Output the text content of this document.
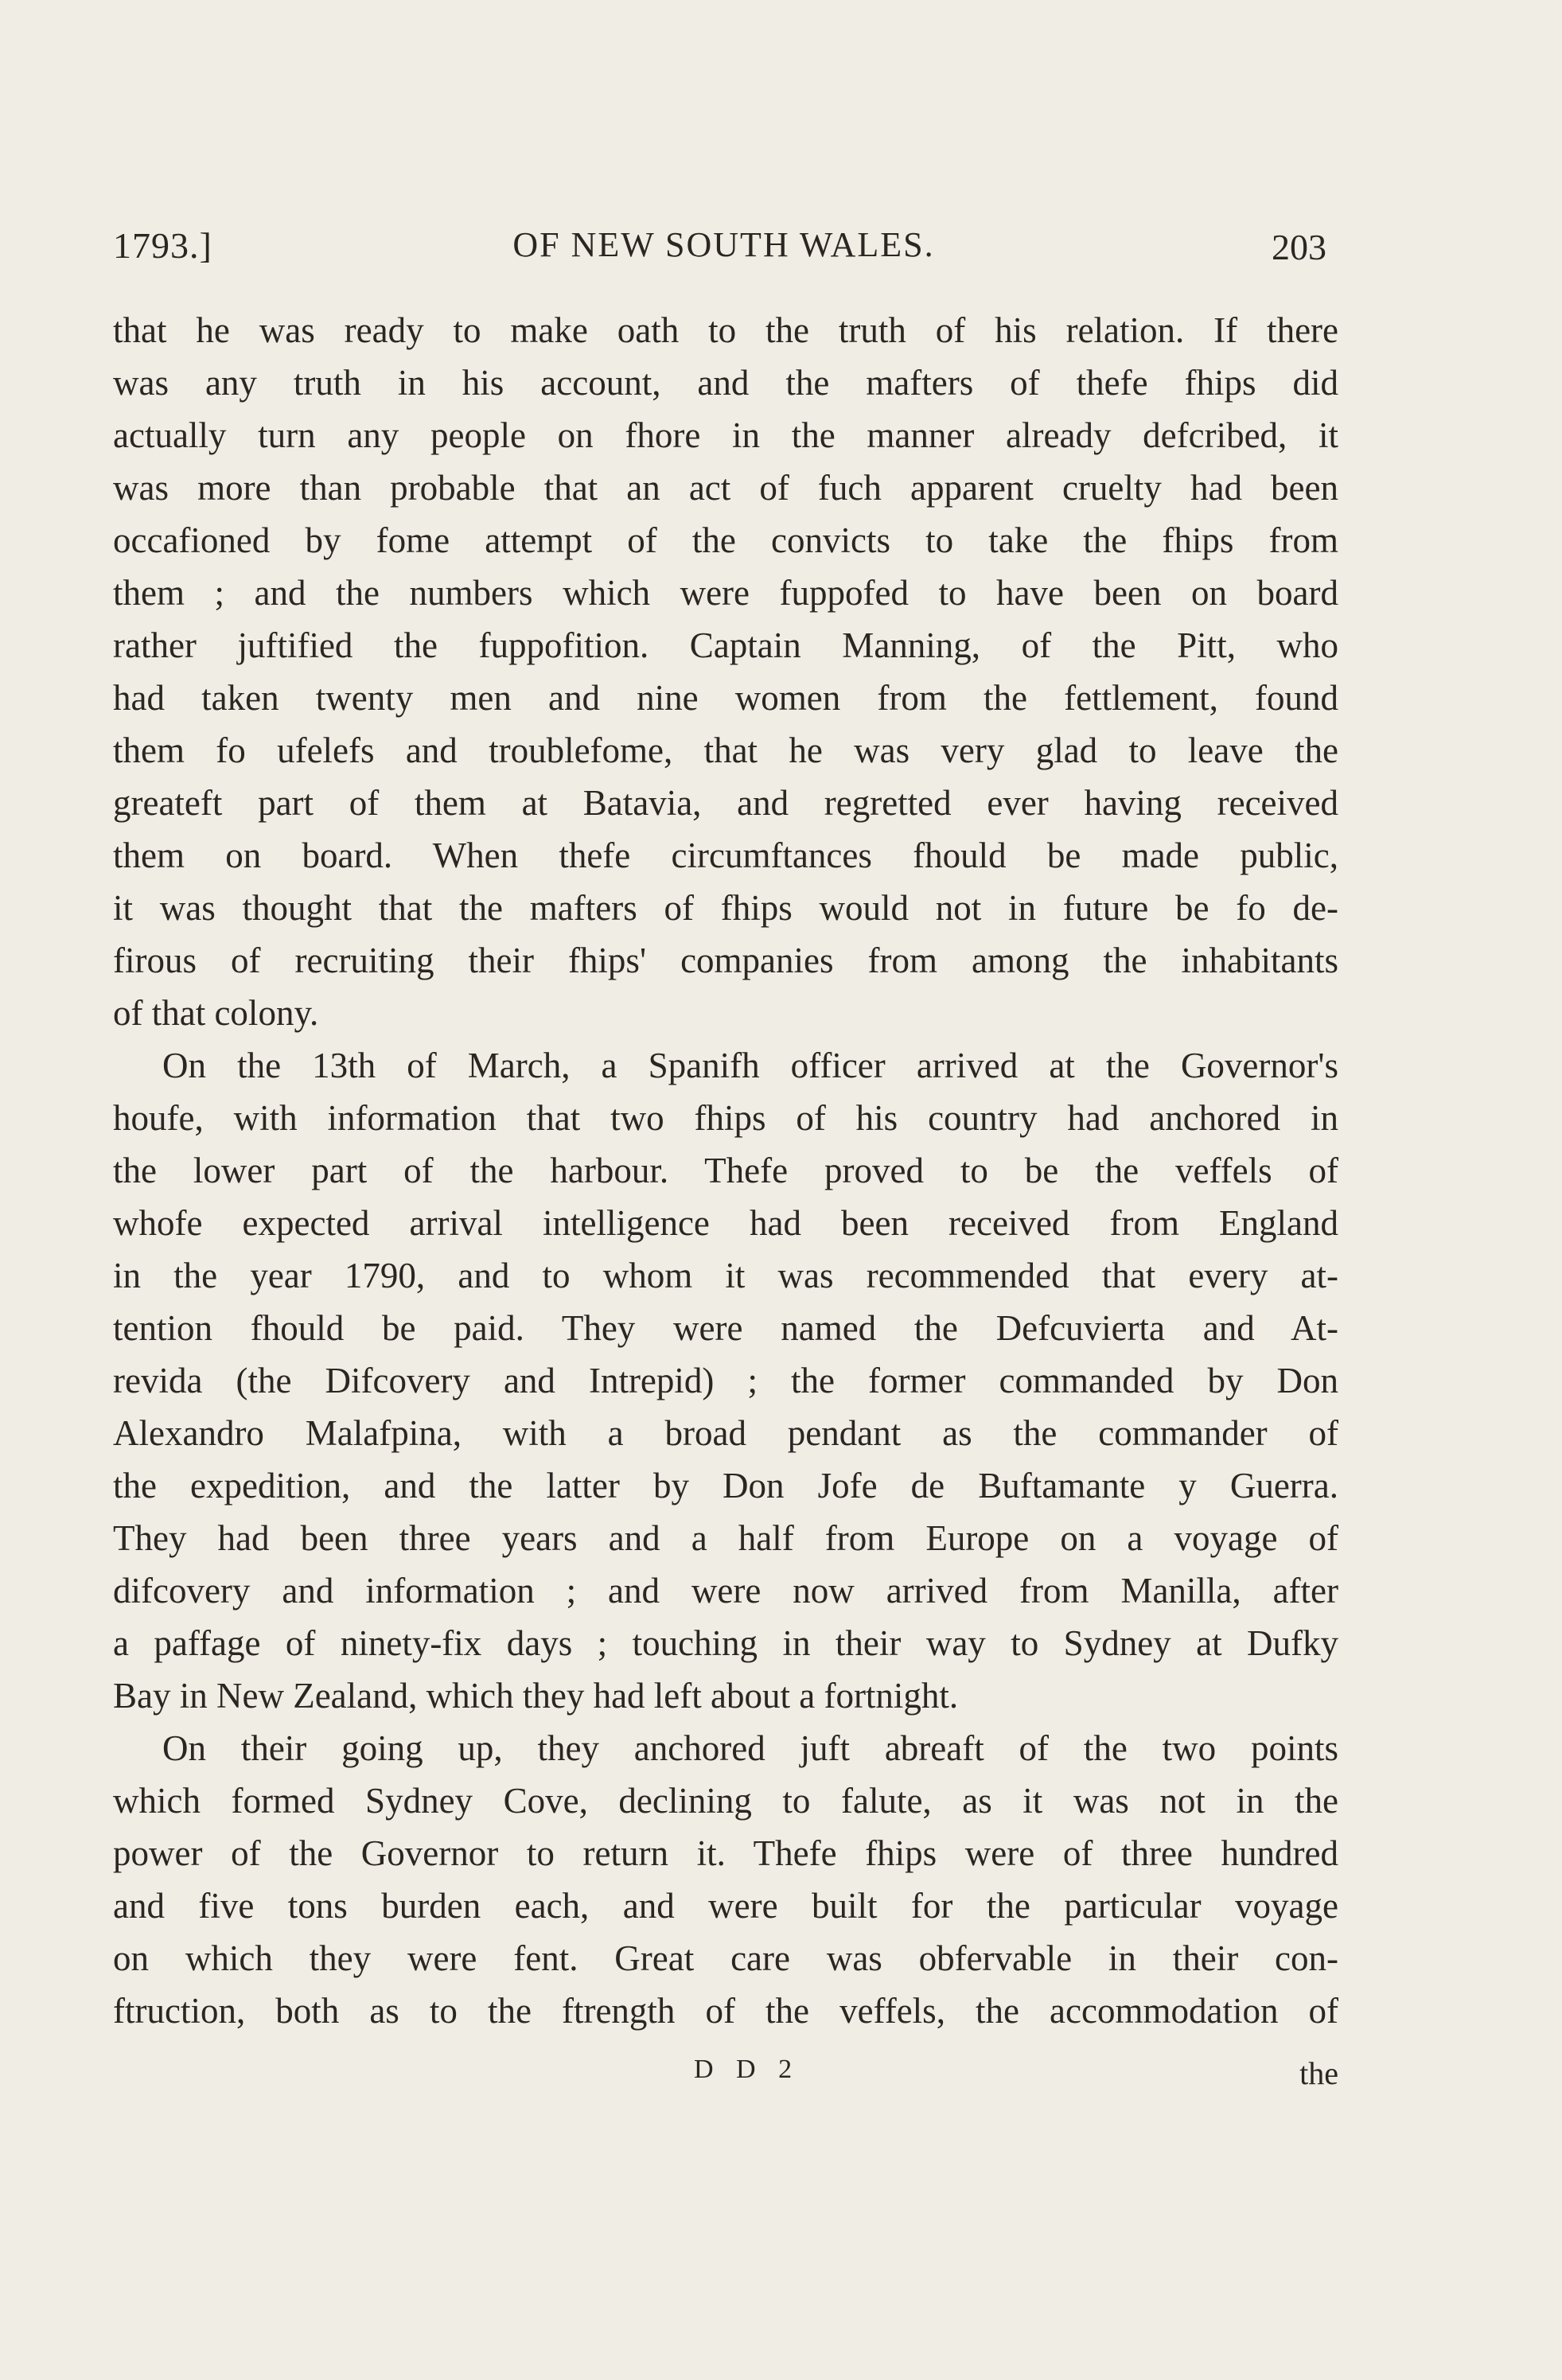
1793.]	OF NEW SOUTH WALES.	203
that he was ready to make oath to the truth of his relation. If there
was any truth in his account, and the mafters of thefe fhips did
actually turn any people on fhore in the manner already defcribed, it
was more than probable that an act of fuch apparent cruelty had been
occafioned by fome attempt of the convicts to take the fhips from
them ; and the numbers which were fuppofed to have been on board
rather juftified the fuppofition. Captain Manning, of the Pitt, who
had taken twenty men and nine women from the fettlement, found
them fo ufelefs and troublefome, that he was very glad to leave the
greateft part of them at Batavia, and regretted ever having received
them on board. When thefe circumftances fhould be made public,
it was thought that the mafters of fhips would not in future be fo de-
firous of recruiting their fhips' companies from among the inhabitants
of that colony.
On the 13th of March, a Spanifh officer arrived at the Governor's
houfe, with information that two fhips of his country had anchored in
the lower part of the harbour. Thefe proved to be the veffels of
whofe expected arrival intelligence had been received from England
in the year 1790, and to whom it was recommended that every at-
tention fhould be paid. They were named the Defcuvierta and At-
revida (the Difcovery and Intrepid) ; the former commanded by Don
Alexandro Malafpina, with a broad pendant as the commander of
the expedition, and the latter by Don Jofe de Buftamante y Guerra.
They had been three years and a half from Europe on a voyage of
difcovery and information ; and were now arrived from Manilla, after
a paffage of ninety-fix days ; touching in their way to Sydney at Dufky
Bay in New Zealand, which they had left about a fortnight.
On their going up, they anchored juft abreaft of the two points
which formed Sydney Cove, declining to falute, as it was not in the
power of the Governor to return it. Thefe fhips were of three hundred
and five tons burden each, and were built for the particular voyage
on which they were fent. Great care was obfervable in their con-
ftruction, both as to the ftrength of the veffels, the accommodation of
D D 2	the
